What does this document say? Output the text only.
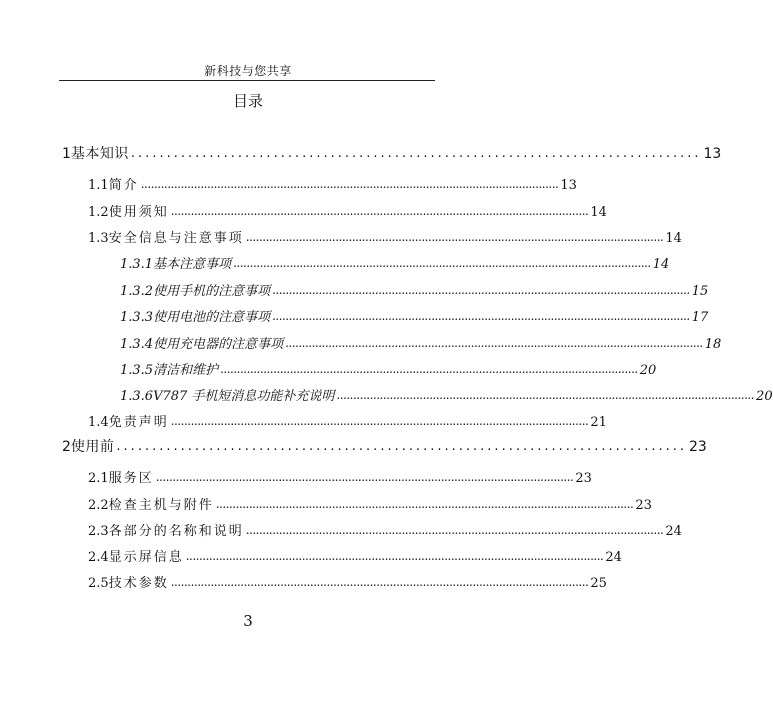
新科技与您共享
目录
1 基本知识 ................................................................................ 13
1.1 简介 .............................................................................................................................. 13
1.2 使用须知 .............................................................................................................................. 14
1.3 安全信息与注意事项 .............................................................................................................................. 14
1.3.1 基本注意事项 .............................................................................................................................. 14
1.3.2 使用手机的注意事项 .............................................................................................................................. 15
1.3.3 使用电池的注意事项 .............................................................................................................................. 17
1.3.4 使用充电器的注意事项 .............................................................................................................................. 18
1.3.5 清洁和维护 .............................................................................................................................. 20
1.3.6 V787 手机短消息功能补充说明 .............................................................................................................................. 20
1.4 免责声明 .............................................................................................................................. 21
2 使用前 ................................................................................ 23
2.1 服务区 .............................................................................................................................. 23
2.2 检查主机与附件 .............................................................................................................................. 23
2.3 各部分的名称和说明 .............................................................................................................................. 24
2.4 显示屏信息 .............................................................................................................................. 24
2.5 技术参数 .............................................................................................................................. 25
3
